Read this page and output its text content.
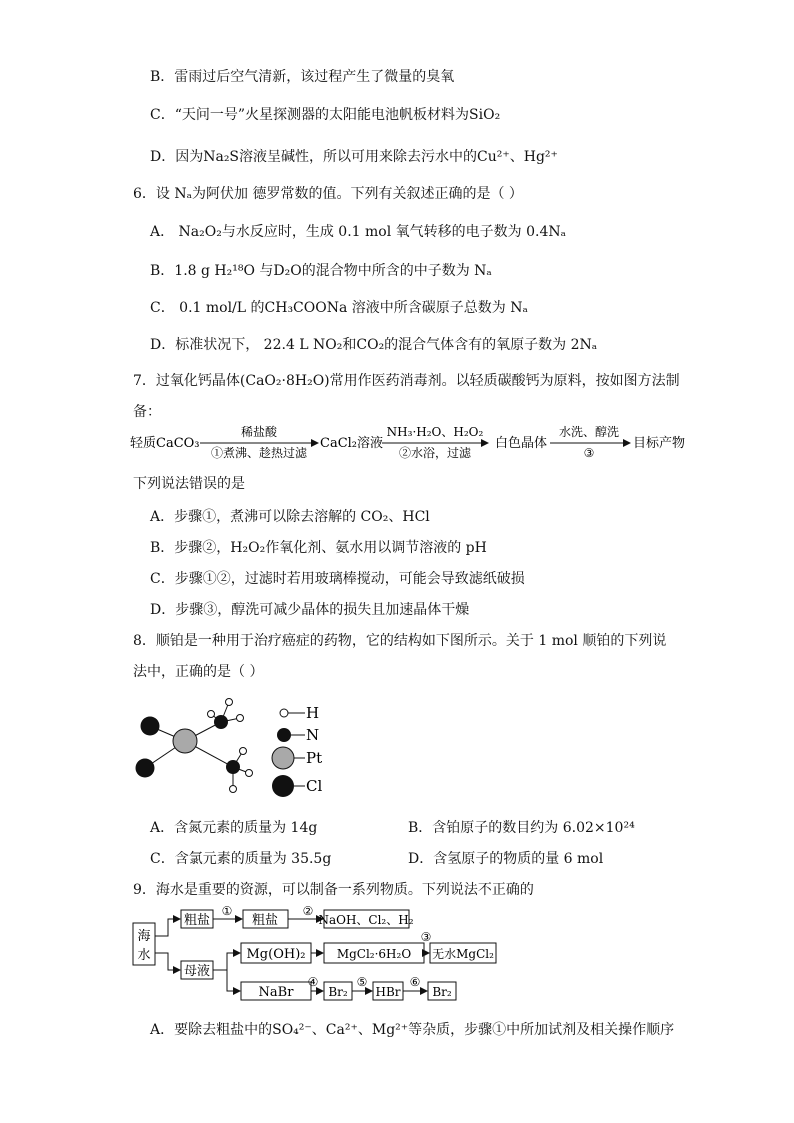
B．雷雨过后空气清新，该过程产生了微量的臭氧
C．“天问一号”火星探测器的太阳能电池帆板材料为SiO₂
D．因为Na₂S溶液呈碱性，所以可用来除去污水中的Cu²⁺、Hg²⁺
6．设 Nₐ为阿伏加 德罗常数的值。下列有关叙述正确的是（ ）
A． Na₂O₂与水反应时，生成 0.1 mol 氧气转移的电子数为 0.4Nₐ
B．1.8 g H₂¹⁸O 与D₂O的混合物中所含的中子数为 Nₐ
C． 0.1 mol/L 的CH₃COONa 溶液中所含碳原子总数为 Nₐ
D．标准状况下， 22.4 L NO₂和CO₂的混合气体含有的氧原子数为 2Nₐ
7．过氧化钙晶体(CaO₂·8H₂O)常用作医药消毒剂。以轻质碳酸钙为原料，按如图方法制
备：
轻质CaCO₃
稀盐酸
①煮沸、趁热过滤
CaCl₂溶液
NH₃·H₂O、H₂O₂
②水浴，过滤
白色晶体
水洗、醇洗
③
目标产物
下列说法错误的是
A．步骤①，煮沸可以除去溶解的 CO₂、HCl
B．步骤②，H₂O₂作氧化剂、氨水用以调节溶液的 pH
C．步骤①②，过滤时若用玻璃棒搅动，可能会导致滤纸破损
D．步骤③，醇洗可减少晶体的损失且加速晶体干燥
8．顺铂是一种用于治疗癌症的药物，它的结构如下图所示。关于 1 mol 顺铂的下列说
法中，正确的是（ ）
H
N
Pt
Cl
A．含氮元素的质量为 14g	B．含铂原子的数目约为 6.02×10²⁴
C．含氯元素的质量为 35.5g	D．含氢原子的物质的量 6 mol
9．海水是重要的资源，可以制备一系列物质。下列说法不正确的
海
水
粗盐	粗盐	NaOH、Cl₂、H₂
母液
Mg(OH)₂	MgCl₂·6H₂O 无水MgCl₂
NaBr	Br₂ HBr	Br₂
①	②
③
④	⑤	⑥
A．要除去粗盐中的SO₄²⁻、Ca²⁺、Mg²⁺等杂质，步骤①中所加试剂及相关操作顺序
